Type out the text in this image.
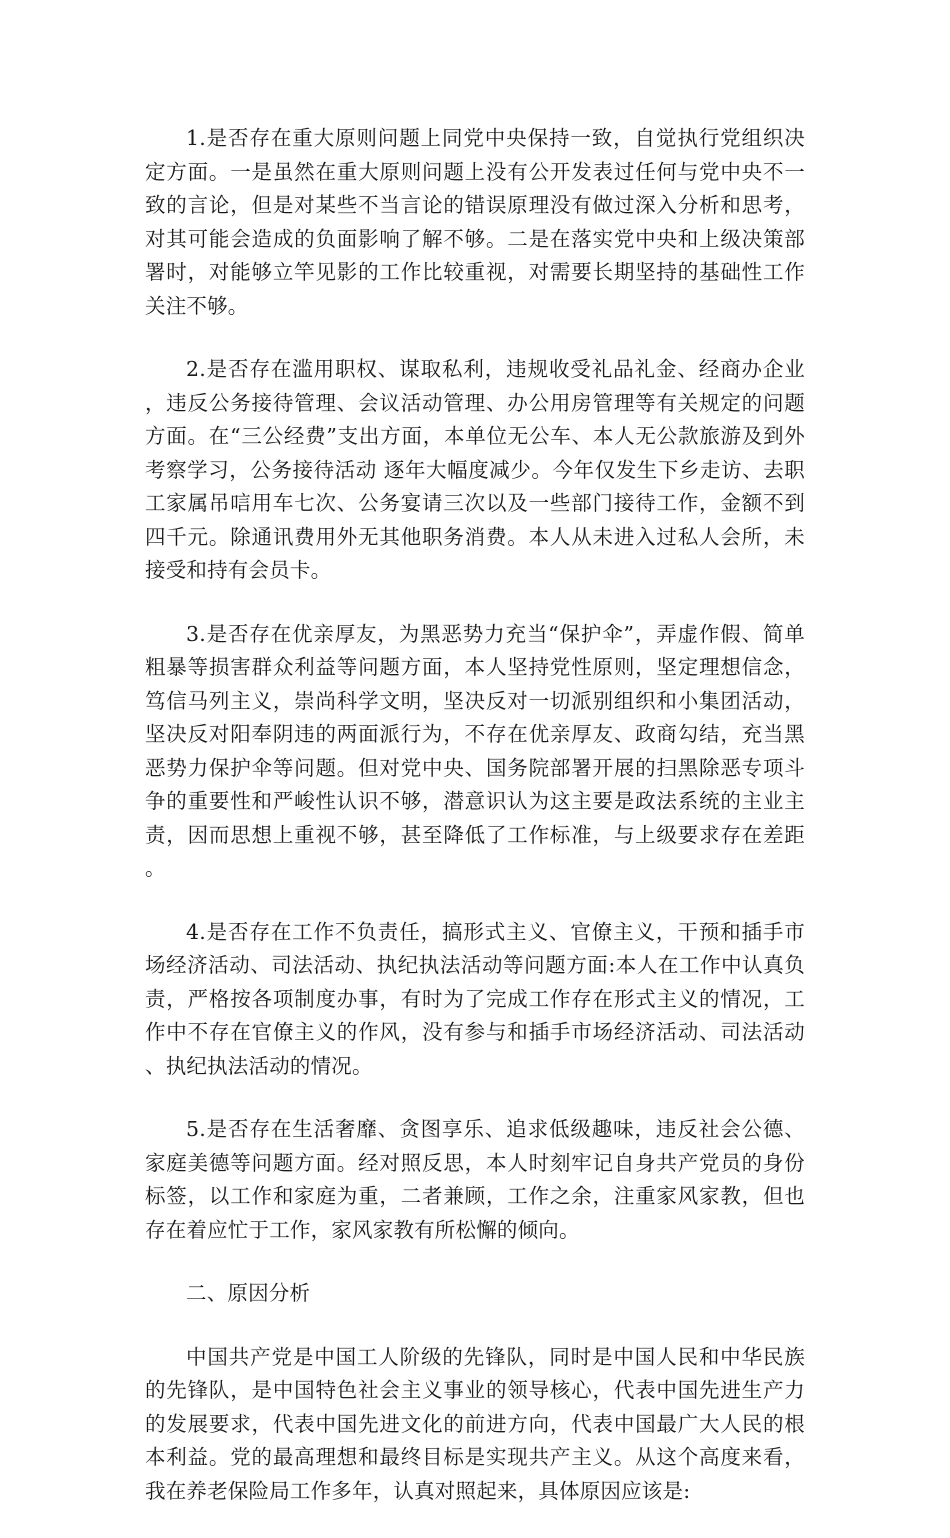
1.是否存在重大原则问题上同党中央保持一致，自觉执行党组织决定方面。一是虽然在重大原则问题上没有公开发表过任何与党中央不一致的言论，但是对某些不当言论的错误原理没有做过深入分析和思考，对其可能会造成的负面影响了解不够。二是在落实党中央和上级决策部署时，对能够立竿见影的工作比较重视，对需要长期坚持的基础性工作关注不够。

2.是否存在滥用职权、谋取私利，违规收受礼品礼金、经商办企业，违反公务接待管理、会议活动管理、办公用房管理等有关规定的问题方面。在“三公经费”支出方面，本单位无公车、本人无公款旅游及到外考察学习，公务接待活动 逐年大幅度减少。今年仅发生下乡走访、去职工家属吊唁用车七次、公务宴请三次以及一些部门接待工作，金额不到四千元。除通讯费用外无其他职务消费。本人从未进入过私人会所，未接受和持有会员卡。

3.是否存在优亲厚友，为黑恶势力充当“保护伞”，弄虚作假、简单粗暴等损害群众利益等问题方面，本人坚持党性原则，坚定理想信念，笃信马列主义，崇尚科学文明，坚决反对一切派别组织和小集团活动，坚决反对阳奉阴违的两面派行为，不存在优亲厚友、政商勾结，充当黑恶势力保护伞等问题。但对党中央、国务院部署开展的扫黑除恶专项斗争的重要性和严峻性认识不够，潜意识认为这主要是政法系统的主业主责，因而思想上重视不够，甚至降低了工作标准，与上级要求存在差距。

4.是否存在工作不负责任，搞形式主义、官僚主义，干预和插手市场经济活动、司法活动、执纪执法活动等问题方面:本人在工作中认真负责，严格按各项制度办事，有时为了完成工作存在形式主义的情况，工作中不存在官僚主义的作风，没有参与和插手市场经济活动、司法活动、执纪执法活动的情况。

5.是否存在生活奢靡、贪图享乐、追求低级趣味，违反社会公德、家庭美德等问题方面。经对照反思，本人时刻牢记自身共产党员的身份标签，以工作和家庭为重，二者兼顾，工作之余，注重家风家教，但也存在着应忙于工作，家风家教有所松懈的倾向。

二、原因分析

中国共产党是中国工人阶级的先锋队，同时是中国人民和中华民族的先锋队，是中国特色社会主义事业的领导核心，代表中国先进生产力的发展要求，代表中国先进文化的前进方向，代表中国最广大人民的根本利益。党的最高理想和最终目标是实现共产主义。从这个高度来看，我在养老保险局工作多年，认真对照起来，具体原因应该是:
